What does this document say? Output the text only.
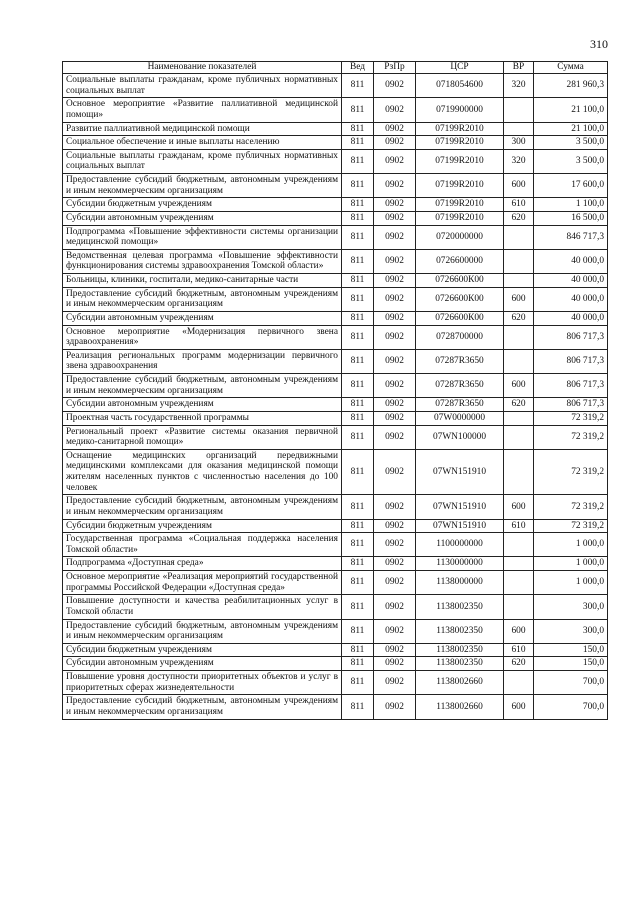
310
Наименование показателей	Вед	РзПр	ЦСР	ВР	Сумма
Социальные выплаты гражданам, кроме публичных нормативных социальных выплат	811	0902	0718054600	320	281 960,3
Основное мероприятие «Развитие паллиативной медицинской помощи»	811	0902	0719900000		21 100,0
Развитие паллиативной медицинской помощи	811	0902	07199R2010		21 100,0
Социальное обеспечение и иные выплаты населению	811	0902	07199R2010	300	3 500,0
Социальные выплаты гражданам, кроме публичных нормативных социальных выплат	811	0902	07199R2010	320	3 500,0
Предоставление субсидий бюджетным, автономным учреждениям и иным некоммерческим организациям	811	0902	07199R2010	600	17 600,0
Субсидии бюджетным учреждениям	811	0902	07199R2010	610	1 100,0
Субсидии автономным учреждениям	811	0902	07199R2010	620	16 500,0
Подпрограмма «Повышение эффективности системы организации медицинской помощи»	811	0902	0720000000		846 717,3
Ведомственная целевая программа «Повышение эффективности функционирования системы здравоохранения Томской области»	811	0902	0726600000		40 000,0
Больницы, клиники, госпитали, медико-санитарные части	811	0902	0726600К00		40 000,0
Предоставление субсидий бюджетным, автономным учреждениям и иным некоммерческим организациям	811	0902	0726600К00	600	40 000,0
Субсидии автономным учреждениям	811	0902	0726600К00	620	40 000,0
Основное мероприятие «Модернизация первичного звена здравоохранения»	811	0902	0728700000		806 717,3
Реализация региональных программ модернизации первичного звена здравоохранения	811	0902	07287R3650		806 717,3
Предоставление субсидий бюджетным, автономным учреждениям и иным некоммерческим организациям	811	0902	07287R3650	600	806 717,3
Субсидии автономным учреждениям	811	0902	07287R3650	620	806 717,3
Проектная часть государственной программы	811	0902	07W0000000		72 319,2
Региональный проект «Развитие системы оказания первичной медико-санитарной помощи»	811	0902	07WN100000		72 319,2
Оснащение медицинских организаций передвижными медицинскими комплексами для оказания медицинской помощи жителям населенных пунктов с численностью населения до 100 человек	811	0902	07WN151910		72 319,2
Предоставление субсидий бюджетным, автономным учреждениям и иным некоммерческим организациям	811	0902	07WN151910	600	72 319,2
Субсидии бюджетным учреждениям	811	0902	07WN151910	610	72 319,2
Государственная программа «Социальная поддержка населения Томской области»	811	0902	1100000000		1 000,0
Подпрограмма «Доступная среда»	811	0902	1130000000		1 000,0
Основное мероприятие «Реализация мероприятий государственной программы Российской Федерации «Доступная среда»	811	0902	1138000000		1 000,0
Повышение доступности и качества реабилитационных услуг в Томской области	811	0902	1138002350		300,0
Предоставление субсидий бюджетным, автономным учреждениям и иным некоммерческим организациям	811	0902	1138002350	600	300,0
Субсидии бюджетным учреждениям	811	0902	1138002350	610	150,0
Субсидии автономным учреждениям	811	0902	1138002350	620	150,0
Повышение уровня доступности приоритетных объектов и услуг в приоритетных сферах жизнедеятельности	811	0902	1138002660		700,0
Предоставление субсидий бюджетным, автономным учреждениям и иным некоммерческим организациям	811	0902	1138002660	600	700,0
